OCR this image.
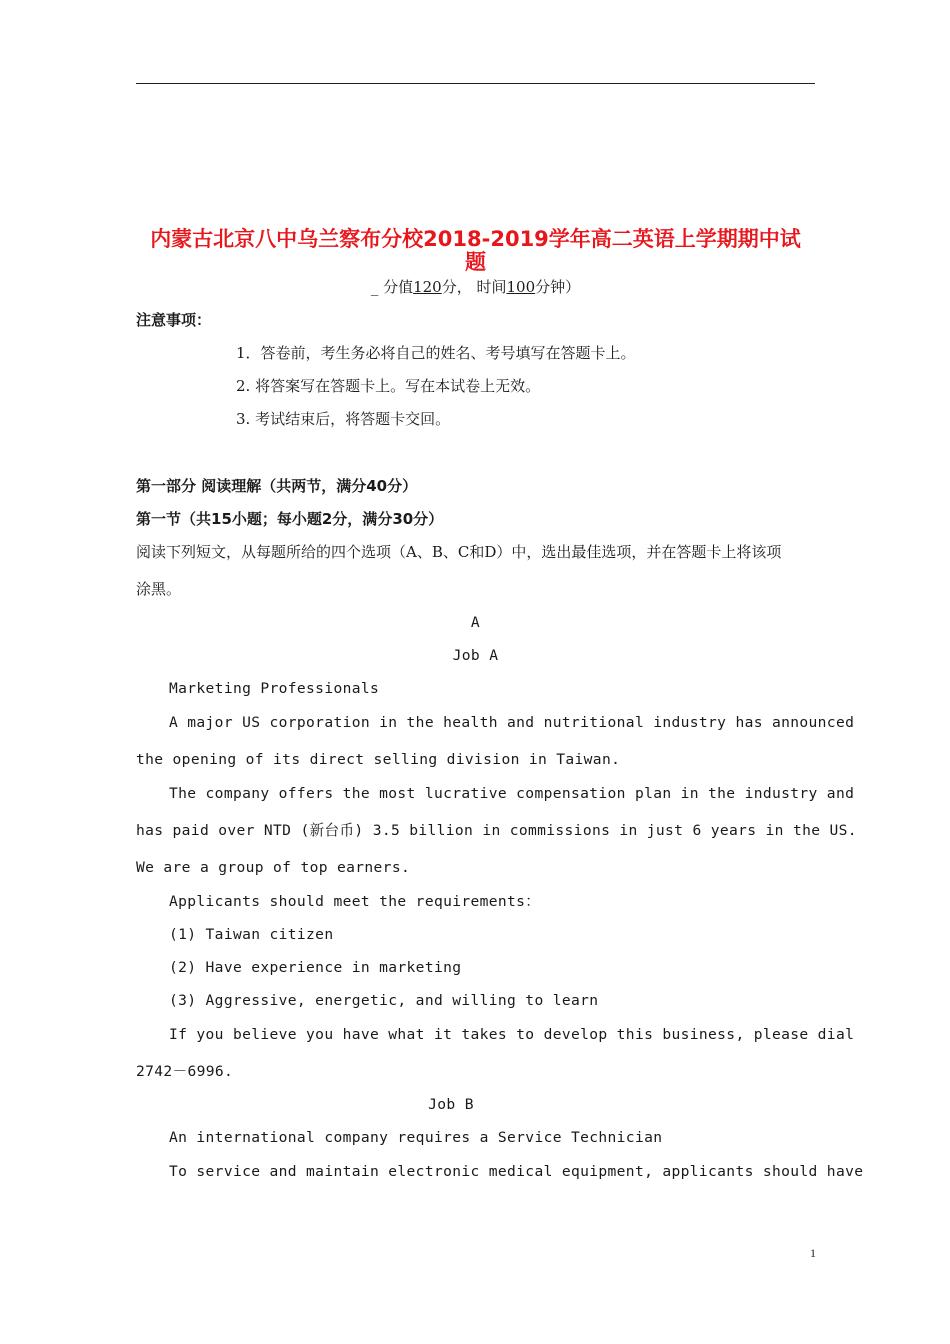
内蒙古北京八中乌兰察布分校2018-2019学年高二英语上学期期中试
题
_ 分值120分， 时间100分钟）
注意事项：
1．答卷前，考生务必将自己的姓名、考号填写在答题卡上。
2. 将答案写在答题卡上。写在本试卷上无效。
3. 考试结束后，将答题卡交回。
第一部分 阅读理解（共两节，满分40分）
第一节（共15小题；每小题2分，满分30分）
阅读下列短文，从每题所给的四个选项（A、B、C和D）中，选出最佳选项，并在答题卡上将该项
涂黑。
A
Job A
Marketing Professionals
A major US corporation in the health and nutritional industry has announced
the opening of its direct selling division in Taiwan.
The company offers the most lucrative compensation plan in the industry and
has paid over NTD (新台币) 3.5 billion in commissions in just 6 years in the US.
We are a group of top earners.
Applicants should meet the requirements：
(1) Taiwan citizen
(2) Have experience in marketing
(3) Aggressive, energetic, and willing to learn
If you believe you have what it takes to develop this business, please dial
2742－6996.
Job B
An international company requires a Service Technician
To service and maintain electronic medical equipment, applicants should have
1
